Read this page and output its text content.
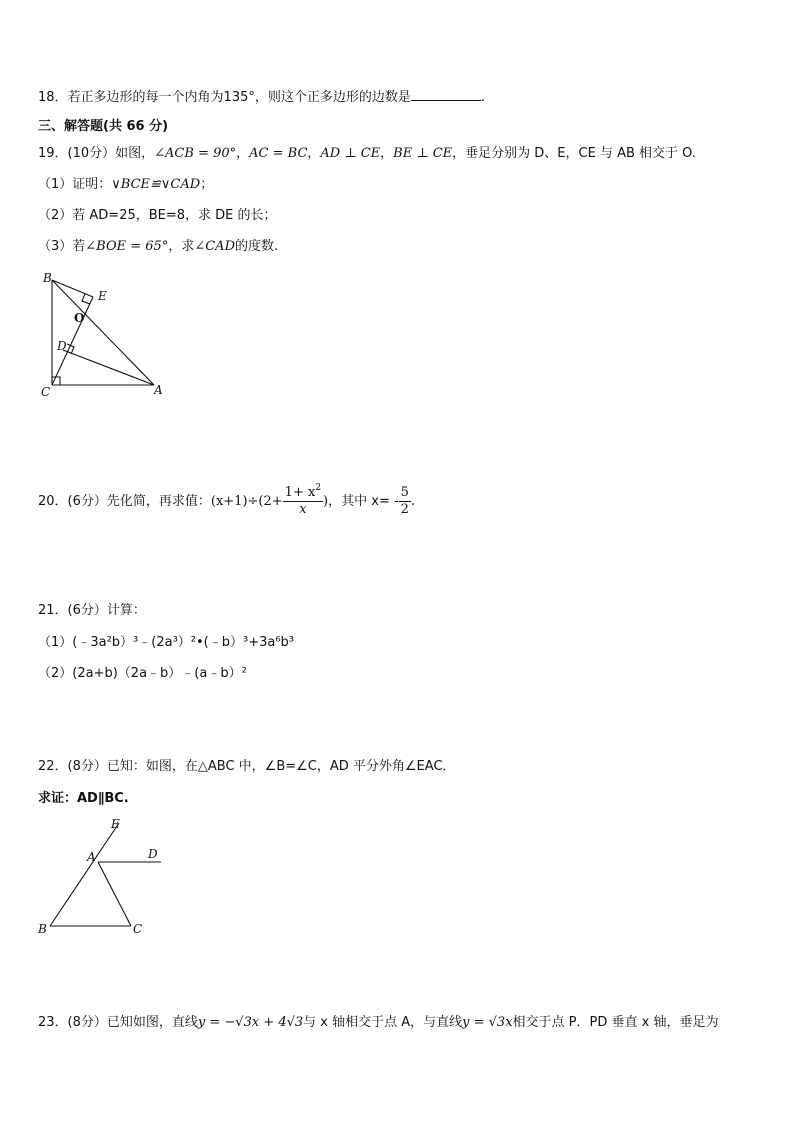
18．若正多边形的每一个内角为135°，则这个正多边形的边数是	.
三、解答题(共 66 分)
19．(10分）如图，∠ACB = 90°，AC = BC，AD ⊥ CE，BE ⊥ CE，垂足分别为 D、E，CE 与 AB 相交于 O.
（1）证明：∨BCE≌∨CAD；
（2）若 AD=25，BE=8，求 DE 的长；
（3）若∠BOE = 65°，求∠CAD的度数.
B
E
O
D
C	A
20．(6分）先化简，再求值：$(x+1)\div(2+ \frac{1+ x^2}{x}$ )，其中 $x= - \frac{5}{2}$ .
21．(6分）计算：
（1）(﹣3a²b）³﹣(2a³）²•(﹣b）³+3a⁶b³
（2）(2a+b)（2a﹣b）﹣(a﹣b）²
22．(8分）已知：如图，在△ABC 中，∠B=∠C，AD 平分外角∠EAC．
求证：AD∥BC.
E
A	D
B	C
23．(8分）已知如图，直线y = −√3x + 4√3与 x 轴相交于点 A，与直线y = √3x相交于点 P．PD 垂直 x 轴，垂足为
